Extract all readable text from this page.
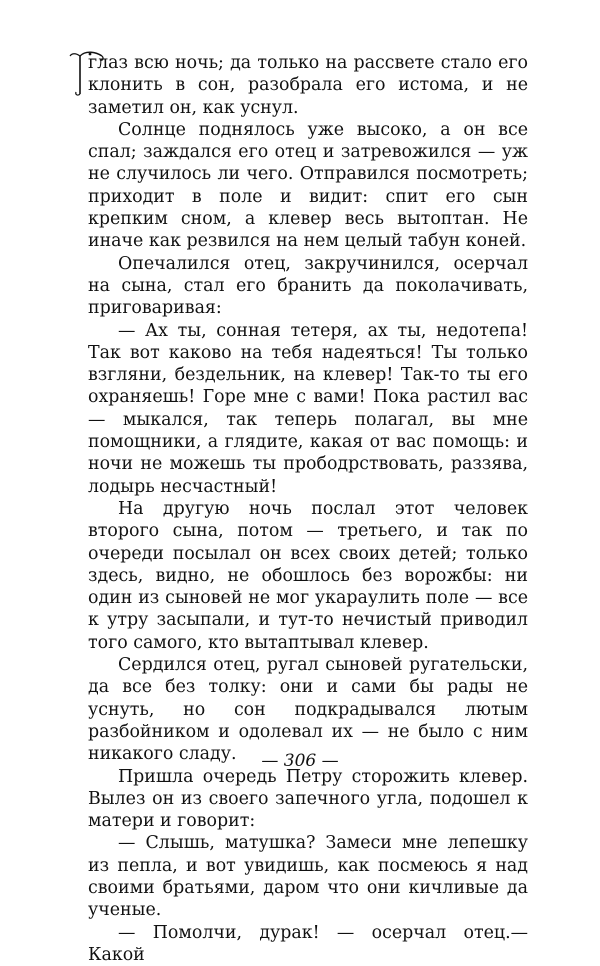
глаз всю ночь; да только на рассвете стало его клонить в сон, разобрала его истома, и не заметил он, как уснул.

Солнце поднялось уже высоко, а он все спал; заждался его отец и затревожился — уж не случилось ли чего. Отправился посмотреть; приходит в поле и видит: спит его сын крепким сном, а клевер весь вытоптан. Не иначе как резвился на нем целый табун коней.

Опечалился отец, закручинился, осерчал на сына, стал его бранить да поколачивать, приговаривая:

— Ах ты, сонная тетеря, ах ты, недотепа! Так вот каково на тебя надеяться! Ты только взгляни, бездельник, на клевер! Так-то ты его охраняешь! Горе мне с вами! Пока растил вас — мыкался, так теперь полагал, вы мне помощники, а глядите, какая от вас помощь: и ночи не можешь ты прободрствовать, раззява, лодырь несчастный!

На другую ночь послал этот человек второго сына, потом — третьего, и так по очереди посылал он всех своих детей; только здесь, видно, не обошлось без ворожбы: ни один из сыновей не мог укараулить поле — все к утру засыпали, и тут-то нечистый приводил того самого, кто вытаптывал клевер.

Сердился отец, ругал сыновей ругательски, да все без толку: они и сами бы рады не уснуть, но сон подкрадывался лютым разбойником и одолевал их — не было с ним никакого сладу.

Пришла очередь Петру сторожить клевер. Вылез он из своего запечного угла, подошел к матери и говорит:

— Слышь, матушка? Замеси мне лепешку из пепла, и вот увидишь, как посмеюсь я над своими братьями, даром что они кичливые да ученые.

— Помолчи, дурак! — осерчал отец.— Какой

— 306 —
